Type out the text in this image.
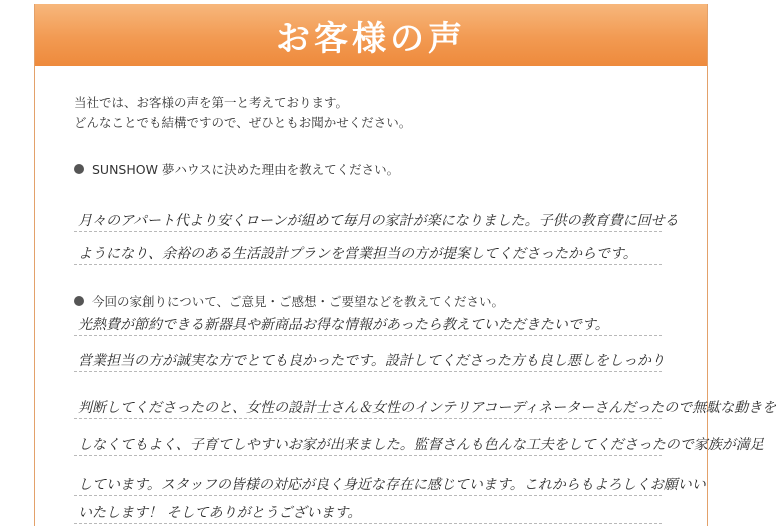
お客様の声
当社では、お客様の声を第一と考えております。
どんなことでも結構ですので、ぜひともお聞かせください。
SUNSHOW 夢ハウスに決めた理由を教えてください。
月々のアパート代より安くローンが組めて毎月の家計が楽になりました。子供の教育費に回せる
ようになり、余裕のある生活設計プランを営業担当の方が提案してくださったからです。
今回の家創りについて、ご意見・ご感想・ご要望などを教えてください。
光熱費が節約できる新器具や新商品お得な情報があったら教えていただきたいです。
営業担当の方が誠実な方でとても良かったです。設計してくださった方も良し悪しをしっかり
判断してくださったのと、女性の設計士さん＆女性のインテリアコーディネーターさんだったので無駄な動きを
しなくてもよく、子育てしやすいお家が出来ました。監督さんも色んな工夫をしてくださったので家族が満足
しています。スタッフの皆様の対応が良く身近な存在に感じています。これからもよろしくお願いい
いたします！ そしてありがとうございます。
